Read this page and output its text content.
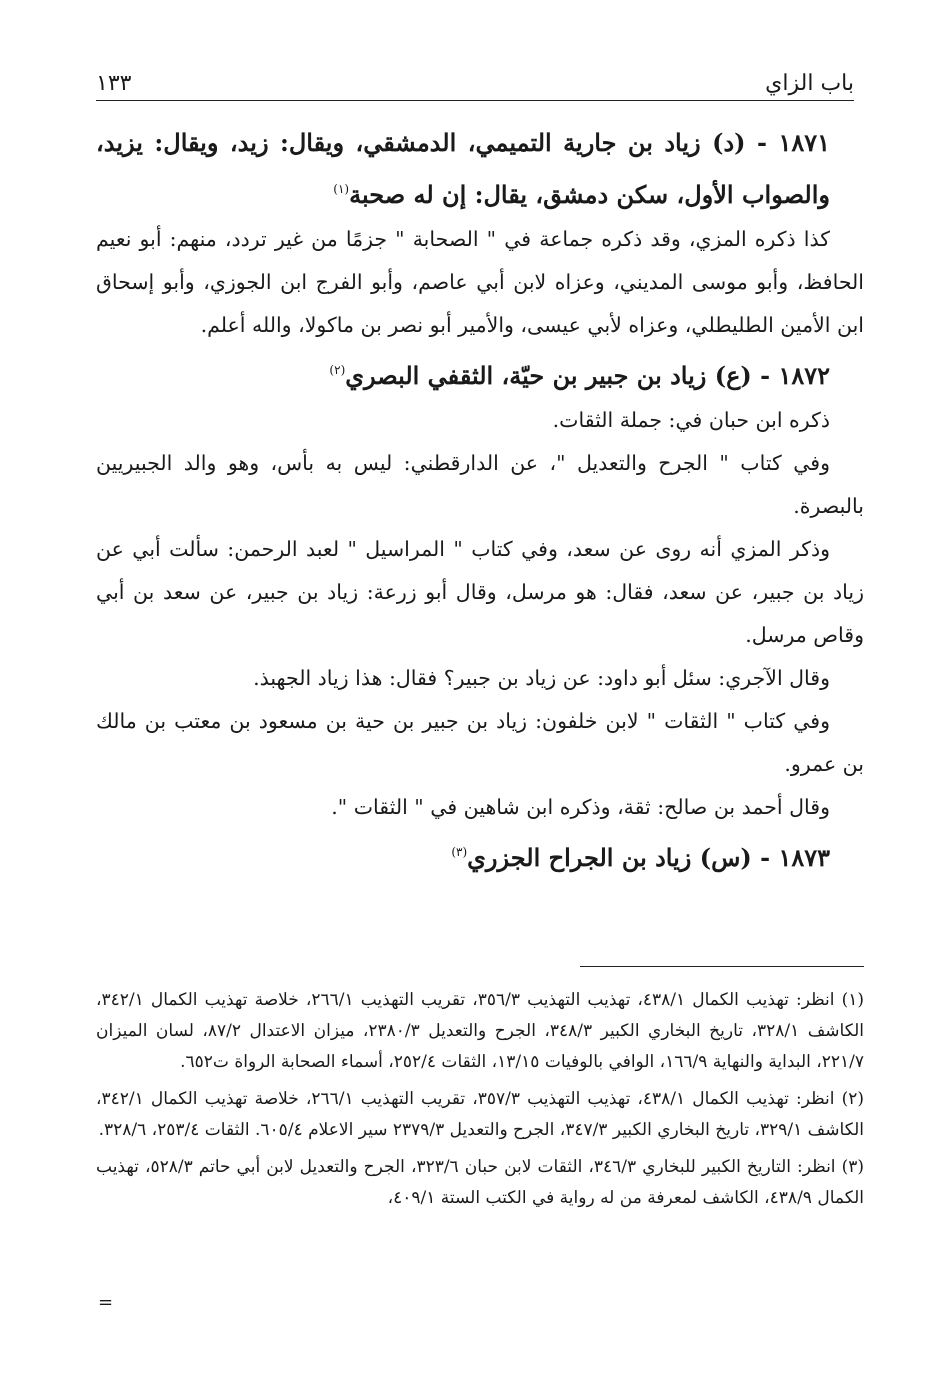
باب الزاي
١٣٣

١٨٧١ - (د) زياد بن جارية التميمي، الدمشقي، ويقال: زيد، ويقال: يزيد، والصواب الأول، سكن دمشق، يقال: إن له صحبة$^{(١)}$

كذا ذكره المزي، وقد ذكره جماعة في " الصحابة " جزمًا من غير تردد، منهم: أبو نعيم الحافظ، وأبو موسى المديني، وعزاه لابن أبي عاصم، وأبو الفرج ابن الجوزي، وأبو إسحاق ابن الأمين الطليطلي، وعزاه لأبي عيسى، والأمير أبو نصر بن ماكولا، والله أعلم.

١٨٧٢ - (ع) زياد بن جبير بن حيّة، الثقفي البصري$^{(٢)}$

ذكره ابن حبان في: جملة الثقات.

وفي كتاب " الجرح والتعديل "، عن الدارقطني: ليس به بأس، وهو والد الجبيريين بالبصرة.

وذكر المزي أنه روى عن سعد، وفي كتاب " المراسيل " لعبد الرحمن: سألت أبي عن زياد بن جبير، عن سعد، فقال: هو مرسل، وقال أبو زرعة: زياد بن جبير، عن سعد بن أبي وقاص مرسل.

وقال الآجري: سئل أبو داود: عن زياد بن جبير؟ فقال: هذا زياد الجهبذ.

وفي كتاب " الثقات " لابن خلفون: زياد بن جبير بن حية بن مسعود بن معتب بن مالك بن عمرو.

وقال أحمد بن صالح: ثقة، وذكره ابن شاهين في " الثقات ".

١٨٧٣ - (س) زياد بن الجراح الجزري$^{(٣)}$

(١) انظر: تهذيب الكمال ٤٣٨/١، تهذيب التهذيب ٣٥٦/٣، تقريب التهذيب ٢٦٦/١، خلاصة تهذيب الكمال ٣٤٢/١، الكاشف ٣٢٨/١، تاريخ البخاري الكبير ٣٤٨/٣، الجرح والتعديل ٢٣٨٠/٣، ميزان الاعتدال ٨٧/٢، لسان الميزان ٢٢١/٧، البداية والنهاية ١٦٦/٩، الوافي بالوفيات ١٣/١٥، الثقات ٢٥٢/٤، أسماء الصحابة الرواة ت٦٥٢.

(٢) انظر: تهذيب الكمال ٤٣٨/١، تهذيب التهذيب ٣٥٧/٣، تقريب التهذيب ٢٦٦/١، خلاصة تهذيب الكمال ٣٤٢/١، الكاشف ٣٢٩/١، تاريخ البخاري الكبير ٣٤٧/٣، الجرح والتعديل ٢٣٧٩/٣ سير الاعلام ٦٠٥/٤. الثقات ٢٥٣/٤، ٣٢٨/٦.

(٣) انظر: التاريخ الكبير للبخاري ٣٤٦/٣، الثقات لابن حبان ٣٢٣/٦، الجرح والتعديل لابن أبي حاتم ٥٢٨/٣، تهذيب الكمال ٤٣٨/٩، الكاشف لمعرفة من له رواية في الكتب الستة ٤٠٩/١،

=
